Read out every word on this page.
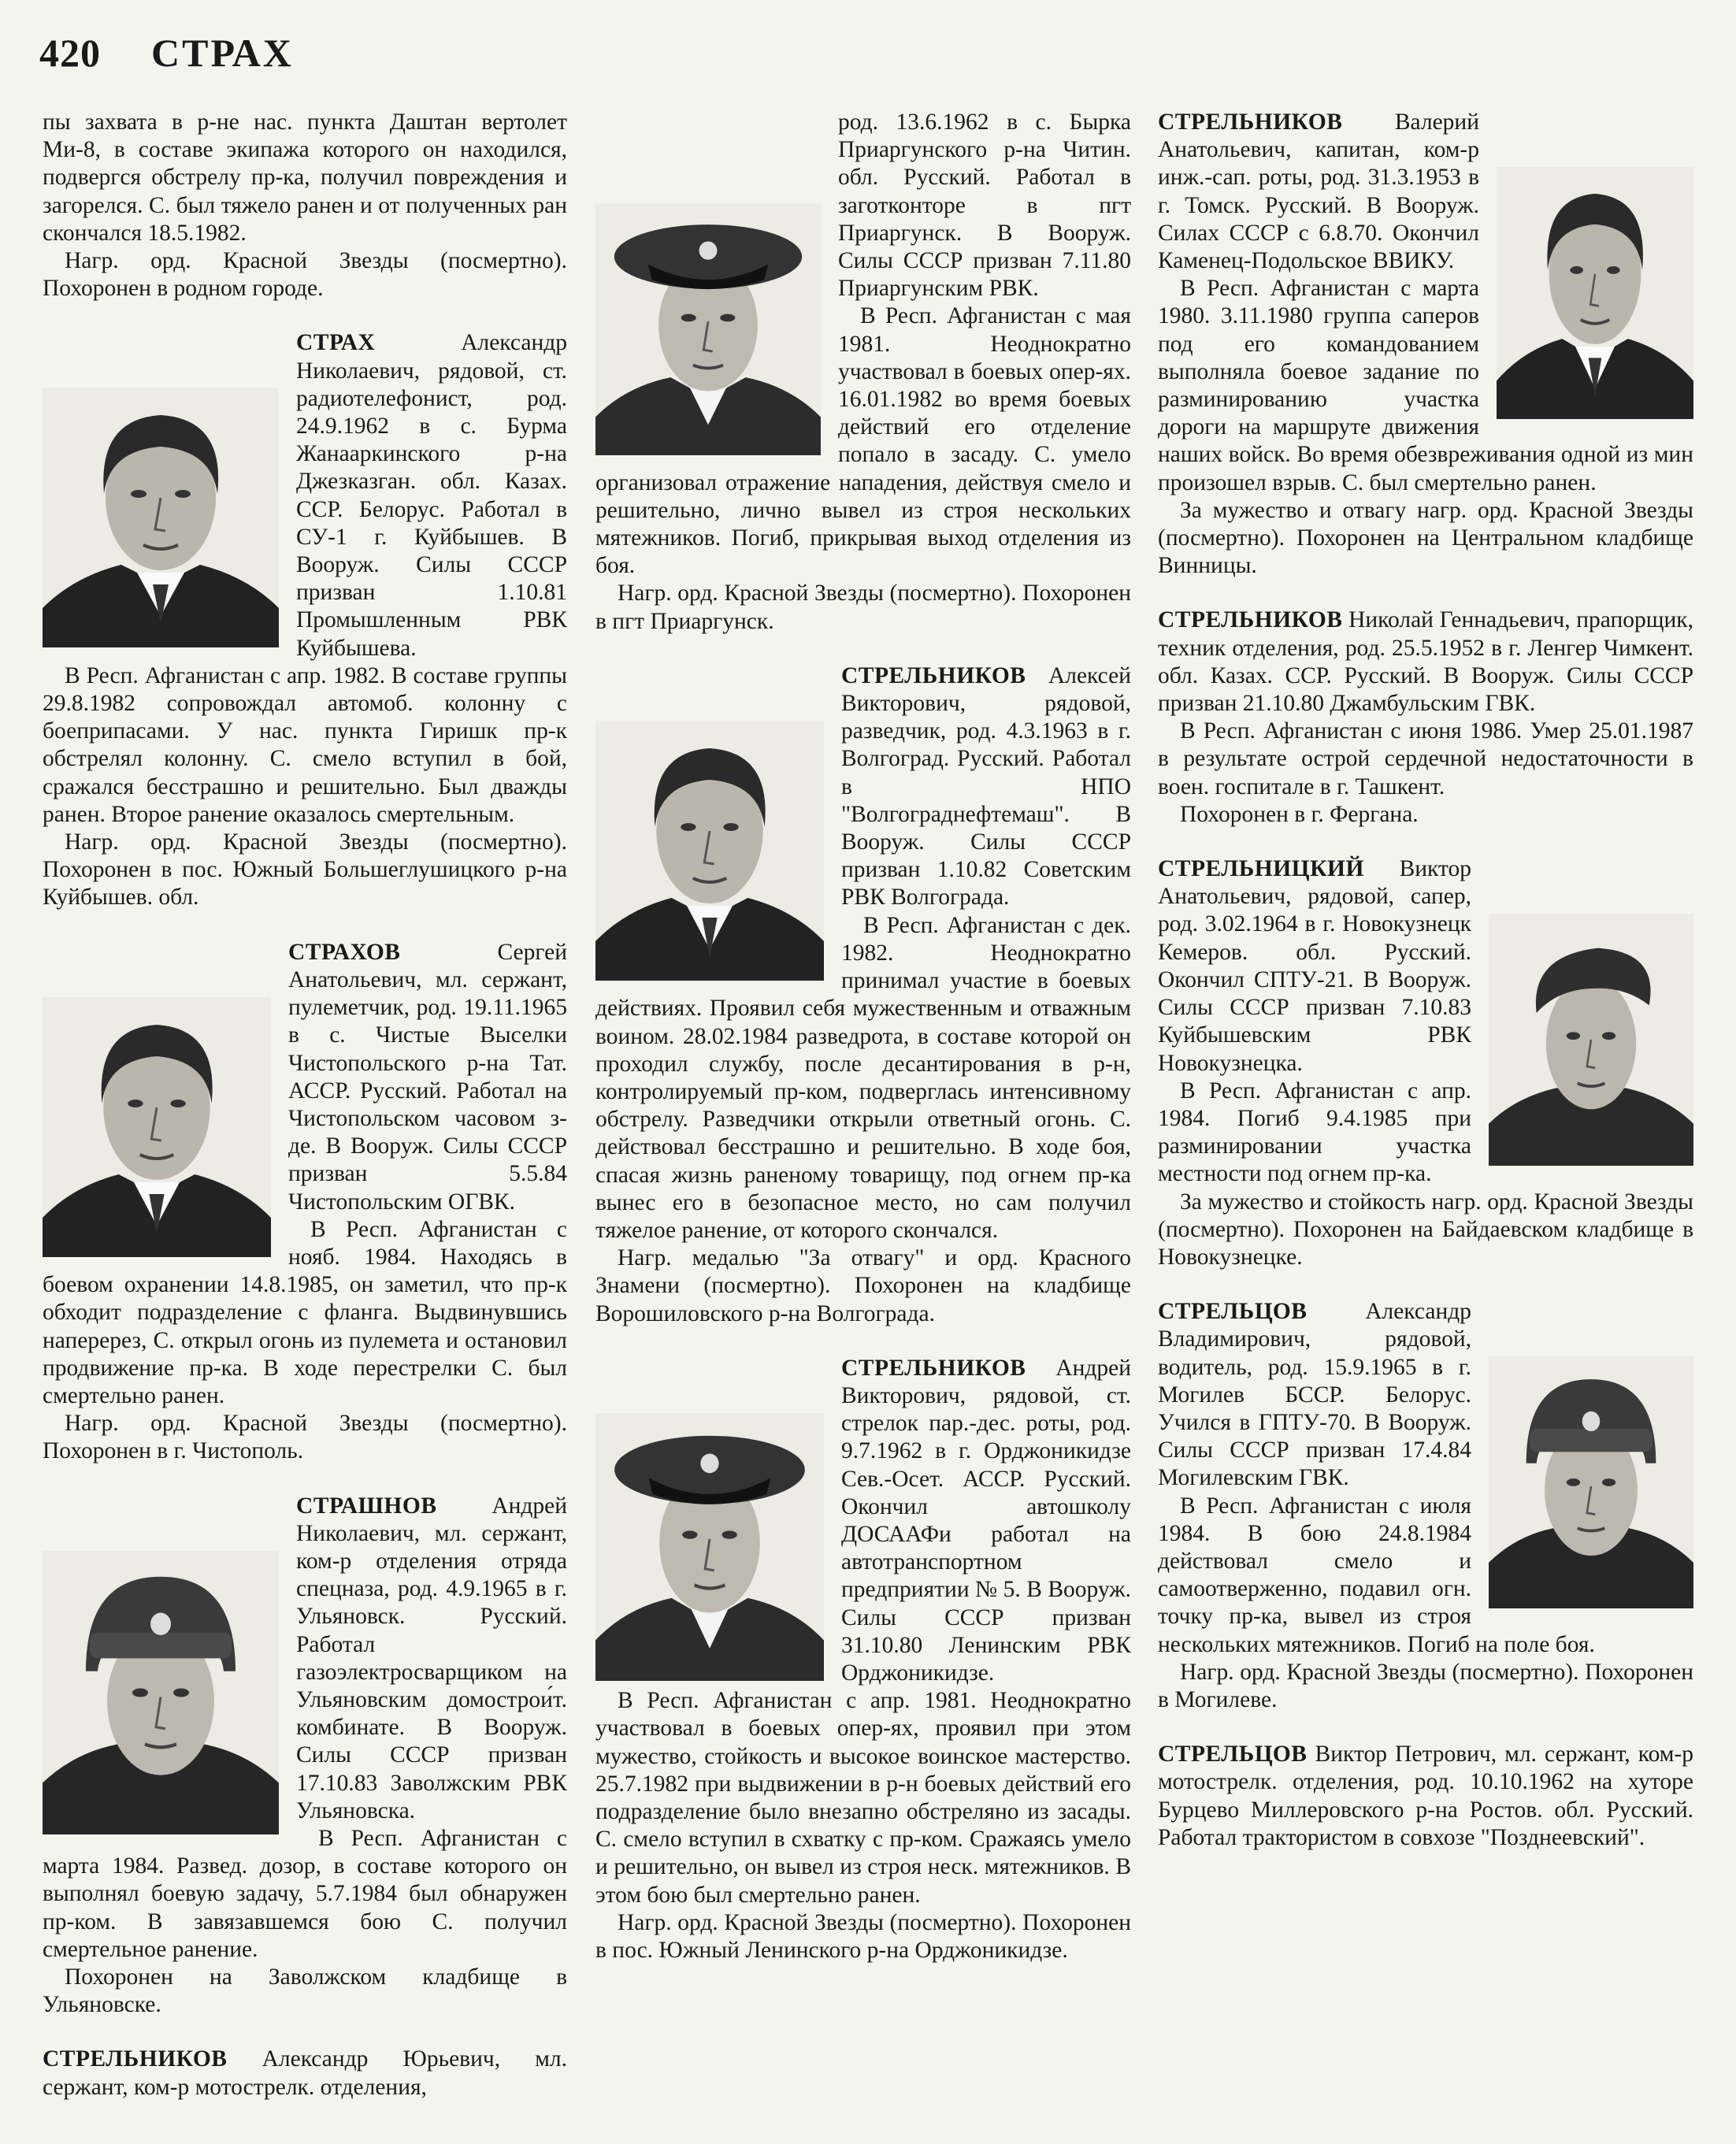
420 СТРАХ

пы захвата в р-не нас. пункта Даштан вертолет Ми-8, в составе экипажа которого он находился, подвергся обстрелу пр-ка, получил повреждения и загорелся. С. был тяжело ранен и от полученных ран скончался 18.5.1982.

Нагр. орд. Красной Звезды (посмертно). Похоронен в родном городе.

СТРАХ	Александр Николаевич, рядовой, ст. радиотелефонист, род. 24.9.1962 в с. Бурма Жанааркинского р-на Джезказган. обл. Казах. ССР. Белорус. Работал в СУ-1 г. Куйбышев. В Вооруж. Силы СССР призван 1.10.81 Промышленным РВК Куйбышева.

В Респ. Афганистан с апр. 1982. В составе группы 29.8.1982 сопровождал автомоб. колонну с боеприпасами. У нас. пункта Гиришк пр-к обстрелял колонну. С. смело вступил в бой, сражался бесстрашно и решительно. Был дважды ранен. Второе ранение оказалось смертельным.

Нагр. орд. Красной Звезды (посмертно). Похоронен в пос. Южный Большеглушицкого р-на Куйбышев. обл.

СТРАХОВ	Сергей Анатольевич, мл. сержант, пулеметчик, род. 19.11.1965 в с. Чистые Выселки Чистопольского р-на Тат. АССР. Русский. Работал на Чистопольском часовом з-де. В Вооруж. Силы СССР призван 5.5.84 Чистопольским ОГВК.

В Респ. Афганистан с нояб. 1984. Находясь в боевом охранении 14.8.1985, он заметил, что пр-к обходит подразделение с фланга. Выдвинувшись наперерез, С. открыл огонь из пулемета и остановил продвижение пр-ка. В ходе перестрелки С. был смертельно ранен.

Нагр. орд. Красной Звезды (посмертно). Похоронен в г. Чистополь.

СТРАШНОВ Андрей Николаевич, мл. сержант, ком-р отделения отряда спецназа, род. 4.9.1965 в г. Ульяновск. Русский. Работал газоэлектросварщиком на Ульяновским домострои́т. комбинате. В Вооруж. Силы СССР призван 17.10.83 Заволжским РВК Ульяновска.

В Респ. Афганистан с марта 1984. Развед. дозор, в составе которого он выполнял боевую задачу, 5.7.1984 был обнаружен пр-ком. В завязавшемся бою С. получил смертельное ранение.

Похоронен на Заволжском кладбище в Ульяновске.

СТРЕЛЬНИКОВ Александр Юрьевич, мл. сержант, ком-р мотострелк. отделения,

род. 13.6.1962 в с. Бырка Приаргунского р-на Читин. обл. Русский. Работал в заготконторе в пгт Приаргунск. В Вооруж. Силы СССР призван 7.11.80 Приаргунским РВК.

В Респ. Афганистан с мая 1981. Неоднократно участвовал в боевых опер-ях. 16.01.1982 во время боевых действий его отделение попало в засаду. С. умело организовал отражение нападения, действуя смело и решительно, лично вывел из строя нескольких мятежников. Погиб, прикрывая выход отделения из боя.

Нагр. орд. Красной Звезды (посмертно). Похоронен в пгт Приаргунск.

СТРЕЛЬНИКОВ Алексей Викторович, рядовой, разведчик, род. 4.3.1963 в г. Волгоград. Русский. Работал в НПО "Волгограднефтемаш". В Вооруж. Силы СССР призван 1.10.82 Советским РВК Волгограда.

В Респ. Афганистан с дек. 1982. Неоднократно принимал участие в боевых действиях. Проявил себя мужественным и отважным воином. 28.02.1984 разведрота, в составе которой он проходил службу, после десантирования в р-н, контролируемый пр-ком, подверглась интенсивному обстрелу. Разведчики открыли ответный огонь. С. действовал бесстрашно и решительно. В ходе боя, спасая жизнь раненому товарищу, под огнем пр-ка вынес его в безопасное место, но сам получил тяжелое ранение, от которого скончался.

Нагр. медалью "За отвагу" и орд. Красного Знамени (посмертно). Похоронен на кладбище Ворошиловского р-на Волгограда.

СТРЕЛЬНИКОВ Андрей Викторович, рядовой, ст. стрелок пар.-дес. роты, род. 9.7.1962 в г. Орджоникидзе Сев.-Осет. АССР. Русский. Окончил автошколу ДОСААФи работал на автотранспортном предприятии № 5. В Вооруж. Силы СССР призван 31.10.80 Ленинским РВК Орджоникидзе.

В Респ. Афганистан с апр. 1981. Неоднократно участвовал в боевых опер-ях, проявил при этом мужество, стойкость и высокое воинское мастерство. 25.7.1982 при выдвижении в р-н боевых действий его подразделение было внезапно обстреляно из засады. С. смело вступил в схватку с пр-ком. Сражаясь умело и решительно, он вывел из строя неск. мятежников. В этом бою был смертельно ранен.

Нагр. орд. Красной Звезды (посмертно). Похоронен в пос. Южный Ленинского р-на Орджоникидзе.

СТРЕЛЬНИКОВ Валерий Анатольевич, капитан, ком-р инж.-сап. роты, род. 31.3.1953 в г. Томск. Русский. В Вооруж. Силах СССР с 6.8.70. Окончил Каменец-Подольское ВВИКУ.

В Респ. Афганистан с марта 1980. 3.11.1980 группа саперов под его командованием выполняла боевое задание по разминированию участка дороги на маршруте движения наших войск. Во время обезвреживания одной из мин произошел взрыв. С. был смертельно ранен.

За мужество и отвагу нагр. орд. Красной Звезды (посмертно). Похоронен на Центральном кладбище Винницы.

СТРЕЛЬНИКОВ Николай Геннадьевич, прапорщик, техник отделения, род. 25.5.1952 в г. Ленгер Чимкент. обл. Казах. ССР. Русский. В Вооруж. Силы СССР призван 21.10.80 Джамбульским ГВК.

В Респ. Афганистан с июня 1986. Умер 25.01.1987 в результате острой сердечной недостаточности в воен. госпитале в г. Ташкент.

Похоронен в г. Фергана.

СТРЕЛЬНИЦКИЙ Виктор Анатольевич, рядовой, сапер, род. 3.02.1964 в г. Новокузнецк Кемеров. обл. Русский. Окончил СПТУ-21. В Вооруж. Силы СССР призван 7.10.83 Куйбышевским РВК Новокузнецка.

В Респ. Афганистан с апр. 1984. Погиб 9.4.1985 при разминировании участка местности под огнем пр-ка.

За мужество и стойкость нагр. орд. Красной Звезды (посмертно). Похоронен на Байдаевском кладбище в Новокузнецке.

СТРЕЛЬЦОВ Александр Владимирович, рядовой, водитель, род. 15.9.1965 в г. Могилев БССР. Белорус. Учился в ГПТУ-70. В Вооруж. Силы СССР призван 17.4.84 Могилевским ГВК.

В Респ. Афганистан с июля 1984. В бою 24.8.1984 действовал смело и самоотверженно, подавил огн. точку пр-ка, вывел из строя нескольких мятежников. Погиб на поле боя.

Нагр. орд. Красной Звезды (посмертно). Похоронен в Могилеве.

СТРЕЛЬЦОВ Виктор Петрович, мл. сержант, ком-р мотострелк. отделения, род. 10.10.1962 на хуторе Бурцево Миллеровского р-на Ростов. обл. Русский. Работал трактористом в совхозе "Позднеевский".
